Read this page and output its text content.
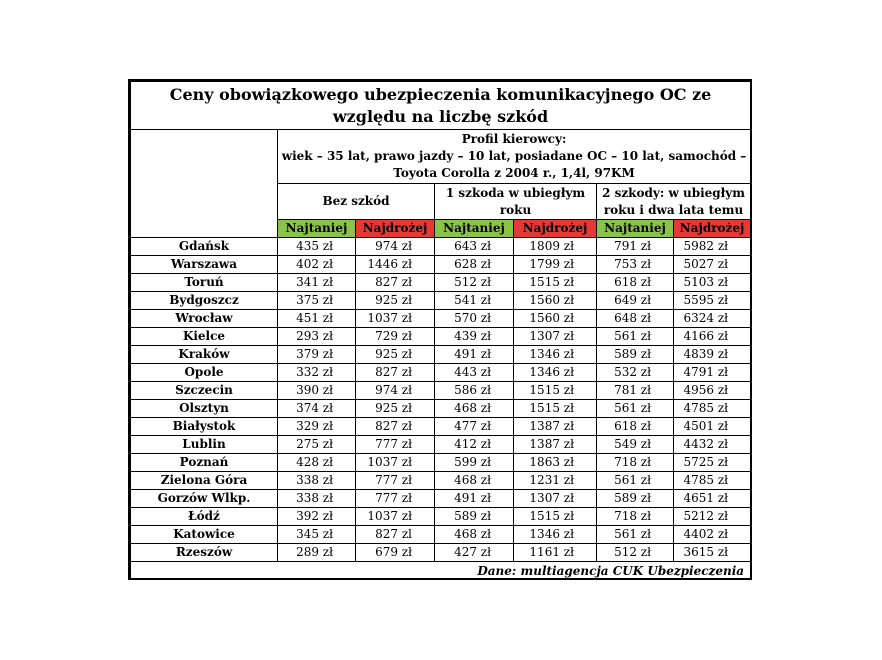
Ceny obowiązkowego ubezpieczenia komunikacyjnego OC ze względu na liczbę szkód						
	Profil kierowcy:
wiek – 35 lat, prawo jazdy – 10 lat, posiadane OC – 10 lat, samochód – Toyota Corolla z 2004 r., 1,4l, 97KM					
	Bez szkód		1 szkoda w ubiegłym roku		2 szkody: w ubiegłym roku i dwa lata temu	
	Najtaniej	Najdrożej	Najtaniej	Najdrożej	Najtaniej	Najdrożej
Gdańsk	435 zł	974 zł	643 zł	1809 zł	791 zł	5982 zł
Warszawa	402 zł	1446 zł	628 zł	1799 zł	753 zł	5027 zł
Toruń	341 zł	827 zł	512 zł	1515 zł	618 zł	5103 zł
Bydgoszcz	375 zł	925 zł	541 zł	1560 zł	649 zł	5595 zł
Wrocław	451 zł	1037 zł	570 zł	1560 zł	648 zł	6324 zł
Kielce	293 zł	729 zł	439 zł	1307 zł	561 zł	4166 zł
Kraków	379 zł	925 zł	491 zł	1346 zł	589 zł	4839 zł
Opole	332 zł	827 zł	443 zł	1346 zł	532 zł	4791 zł
Szczecin	390 zł	974 zł	586 zł	1515 zł	781 zł	4956 zł
Olsztyn	374 zł	925 zł	468 zł	1515 zł	561 zł	4785 zł
Białystok	329 zł	827 zł	477 zł	1387 zł	618 zł	4501 zł
Lublin	275 zł	777 zł	412 zł	1387 zł	549 zł	4432 zł
Poznań	428 zł	1037 zł	599 zł	1863 zł	718 zł	5725 zł
Zielona Góra	338 zł	777 zł	468 zł	1231 zł	561 zł	4785 zł
Gorzów Wlkp.	338 zł	777 zł	491 zł	1307 zł	589 zł	4651 zł
Łódź	392 zł	1037 zł	589 zł	1515 zł	718 zł	5212 zł
Katowice	345 zł	827 zl	468 zł	1346 zł	561 zł	4402 zł
Rzeszów	289 zł	679 zł	427 zł	1161 zł	512 zł	3615 zł
Dane: multiagencja CUK Ubezpieczenia						
